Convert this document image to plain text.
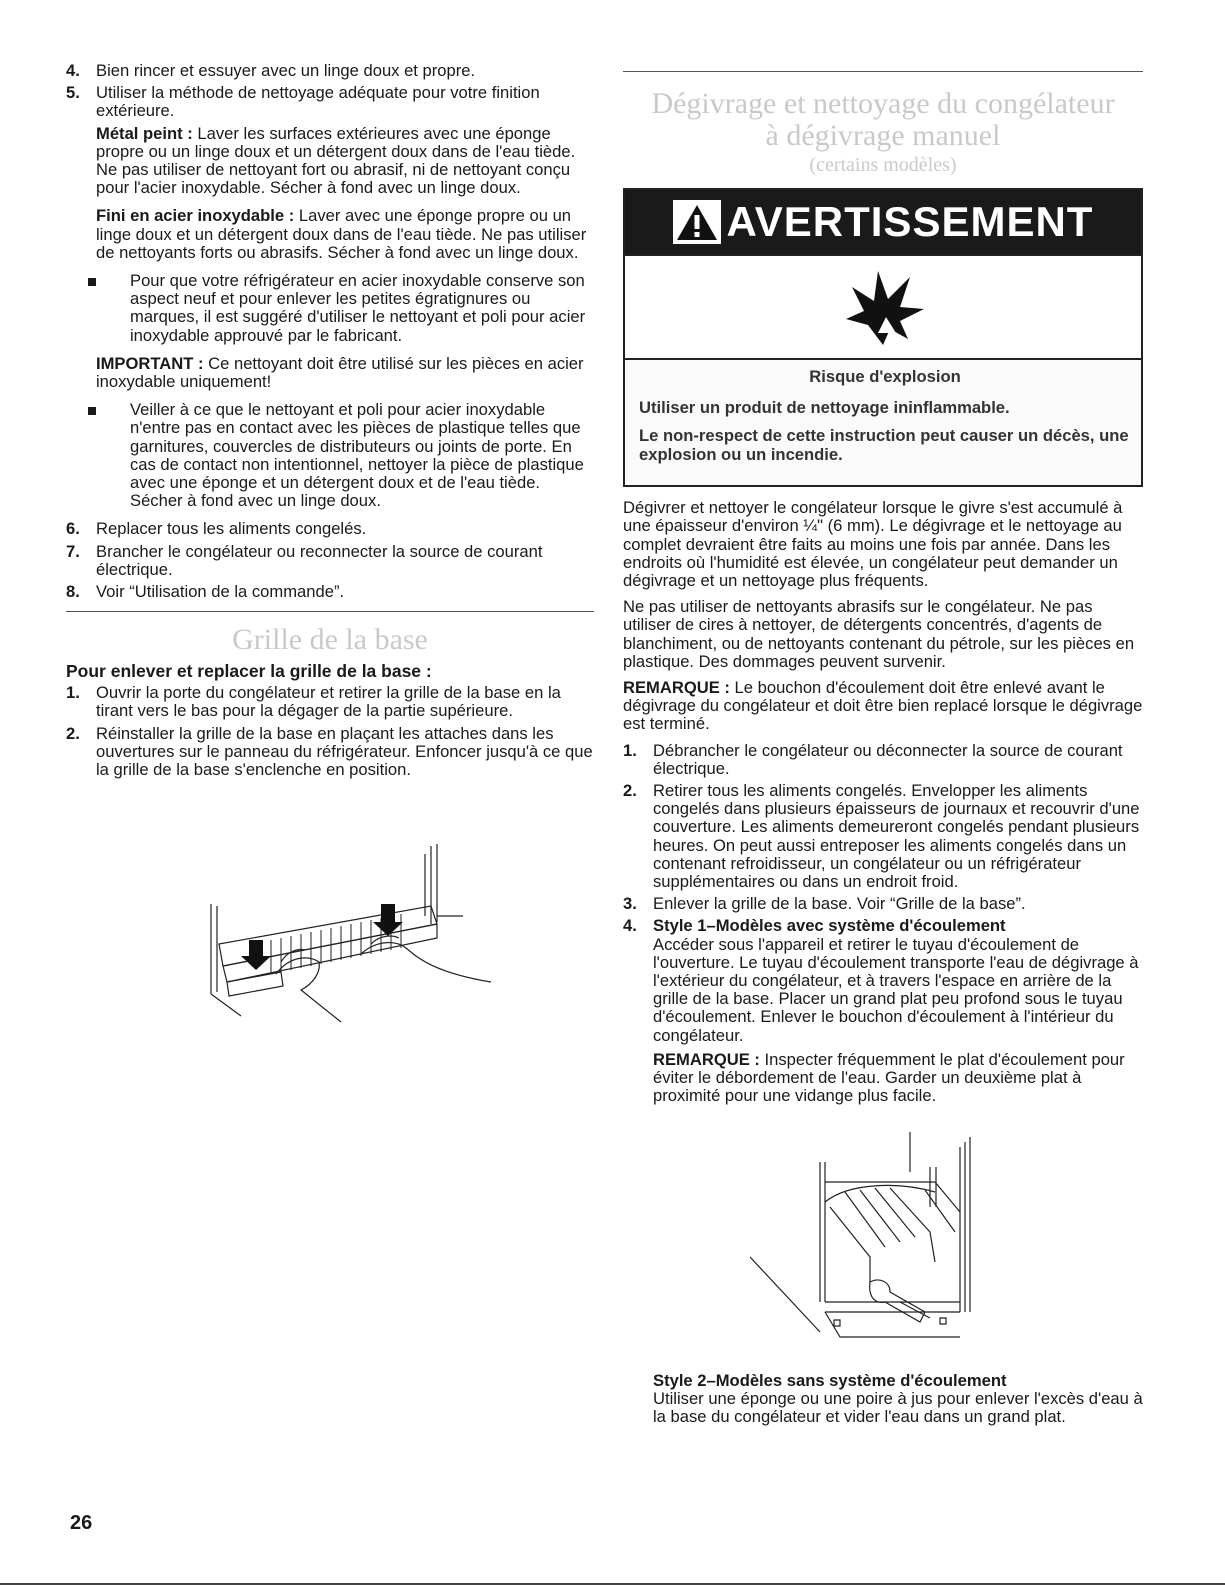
4. Bien rincer et essuyer avec un linge doux et propre.
5. Utiliser la méthode de nettoyage adéquate pour votre finition extérieure.

Métal peint : Laver les surfaces extérieures avec une éponge propre ou un linge doux et un détergent doux dans de l'eau tiède. Ne pas utiliser de nettoyant fort ou abrasif, ni de nettoyant conçu pour l'acier inoxydable. Sécher à fond avec un linge doux.

Fini en acier inoxydable : Laver avec une éponge propre ou un linge doux et un détergent doux dans de l'eau tiède. Ne pas utiliser de nettoyants forts ou abrasifs. Sécher à fond avec un linge doux.

Pour que votre réfrigérateur en acier inoxydable conserve son aspect neuf et pour enlever les petites égratignures ou marques, il est suggéré d'utiliser le nettoyant et poli pour acier inoxydable approuvé par le fabricant.

IMPORTANT : Ce nettoyant doit être utilisé sur les pièces en acier inoxydable uniquement!

Veiller à ce que le nettoyant et poli pour acier inoxydable n'entre pas en contact avec les pièces de plastique telles que garnitures, couvercles de distributeurs ou joints de porte. En cas de contact non intentionnel, nettoyer la pièce de plastique avec une éponge et un détergent doux et de l'eau tiède. Sécher à fond avec un linge doux.
6. Replacer tous les aliments congelés.
7. Brancher le congélateur ou reconnecter la source de courant électrique.
8. Voir “Utilisation de la commande”.
Grille de la base
Pour enlever et replacer la grille de la base :
1. Ouvrir la porte du congélateur et retirer la grille de la base en la tirant vers le bas pour la dégager de la partie supérieure.
2. Réinstaller la grille de la base en plaçant les attaches dans les ouvertures sur le panneau du réfrigérateur. Enfoncer jusqu'à ce que la grille de la base s'enclenche en position.
Dégivrage et nettoyage du congélateur
à dégivrage manuel
(certains modèles)
AVERTISSEMENT
Risque d'explosion
Utiliser un produit de nettoyage ininflammable.
Le non-respect de cette instruction peut causer un décès, une explosion ou un incendie.

Dégivrer et nettoyer le congélateur lorsque le givre s'est accumulé à une épaisseur d'environ ¼" (6 mm). Le dégivrage et le nettoyage au complet devraient être faits au moins une fois par année. Dans les endroits où l'humidité est élevée, un congélateur peut demander un dégivrage et un nettoyage plus fréquents.

Ne pas utiliser de nettoyants abrasifs sur le congélateur. Ne pas utiliser de cires à nettoyer, de détergents concentrés, d'agents de blanchiment, ou de nettoyants contenant du pétrole, sur les pièces en plastique. Des dommages peuvent survenir.

REMARQUE : Le bouchon d'écoulement doit être enlevé avant le dégivrage du congélateur et doit être bien replacé lorsque le dégivrage est terminé.

1. Débrancher le congélateur ou déconnecter la source de courant électrique.
2. Retirer tous les aliments congelés. Envelopper les aliments congelés dans plusieurs épaisseurs de journaux et recouvrir d'une couverture. Les aliments demeureront congelés pendant plusieurs heures. On peut aussi entreposer les aliments congelés dans un contenant refroidisseur, un congélateur ou un réfrigérateur supplémentaires ou dans un endroit froid.
3. Enlever la grille de la base. Voir “Grille de la base”.
4. Style 1–Modèles avec système d'écoulement
Accéder sous l'appareil et retirer le tuyau d'écoulement de l'ouverture. Le tuyau d'écoulement transporte l'eau de dégivrage à l'extérieur du congélateur, et à travers l'espace en arrière de la grille de la base. Placer un grand plat peu profond sous le tuyau d'écoulement. Enlever le bouchon d'écoulement à l'intérieur du congélateur.

REMARQUE : Inspecter fréquemment le plat d'écoulement pour éviter le débordement de l'eau. Garder un deuxième plat à proximité pour une vidange plus facile.

Style 2–Modèles sans système d'écoulement
Utiliser une éponge ou une poire à jus pour enlever l'excès d'eau à la base du congélateur et vider l'eau dans un grand plat.
26
